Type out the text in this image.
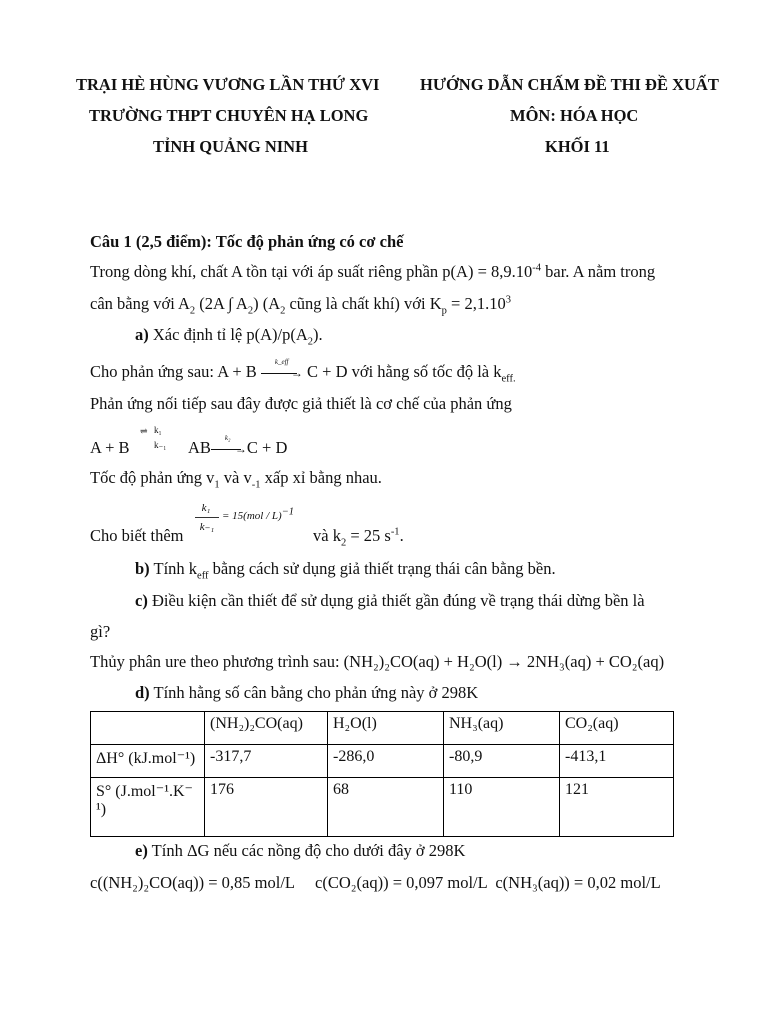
TRẠI HÈ HÙNG VƯƠNG LẦN THỨ XVI
TRƯỜNG THPT CHUYÊN HẠ LONG
TỈNH QUẢNG NINH
HƯỚNG DẪN CHẤM ĐỀ THI ĐỀ XUẤT
MÔN: HÓA HỌC
KHỐI 11
Câu 1 (2,5 điểm): Tốc độ phản ứng có cơ chế
Trong dòng khí, chất A tồn tại với áp suất riêng phần $p(A) = 8,9.10^{-4}$ bar. A nằm trong
cân bằng với $A_2$ (2A ∫ $A_2$) ($A_2$ cũng là chất khí) với $K_p = 2,1.10^3$
a) Xác định tỉ lệ $p(A)/p(A_2)$.
Cho phản ứng sau: A + B	→
k_eff C + D với hằng số tốc độ là $k_{eff.}$
Phản ứng nối tiếp sau đây được giả thiết là cơ chế của phản ứng
A + B
⇌ k₁
k₋₁ AB →
k₂ C + D
Tốc độ phản ứng $v_1$ và $v_{-1}$ xấp xỉ bằng nhau.
Cho biết thêm
k₁
k₋₁
= 15(mol / L)$^{-1}$
và $k_2 = 25$ $s^{-1}$.
b) Tính $k_{eff}$ bằng cách sử dụng giả thiết trạng thái cân bằng bền.
c) Điều kiện cần thiết để sử dụng giả thiết gần đúng về trạng thái dừng bền là
gì?
Thủy phân ure theo phương trình sau: (NH₂)₂CO(aq) + H₂O(l) → 2NH₃(aq) + CO₂(aq)
d) Tính hằng số cân bằng cho phản ứng này ở 298K
	(NH₂)₂CO(aq)	H₂O(l)	NH₃(aq)	CO₂(aq)
ΔH° (kJ.mol⁻¹)	-317,7	-286,0	-80,9	-413,1

S° (J.mol⁻¹.K⁻
¹)	176	68	110	121
e) Tính ΔG nếu các nồng độ cho dưới đây ở 298K
c((NH₂)₂CO(aq)) = 0,85 mol/L     c(CO₂(aq)) = 0,097 mol/L  c(NH₃(aq)) = 0,02 mol/L
